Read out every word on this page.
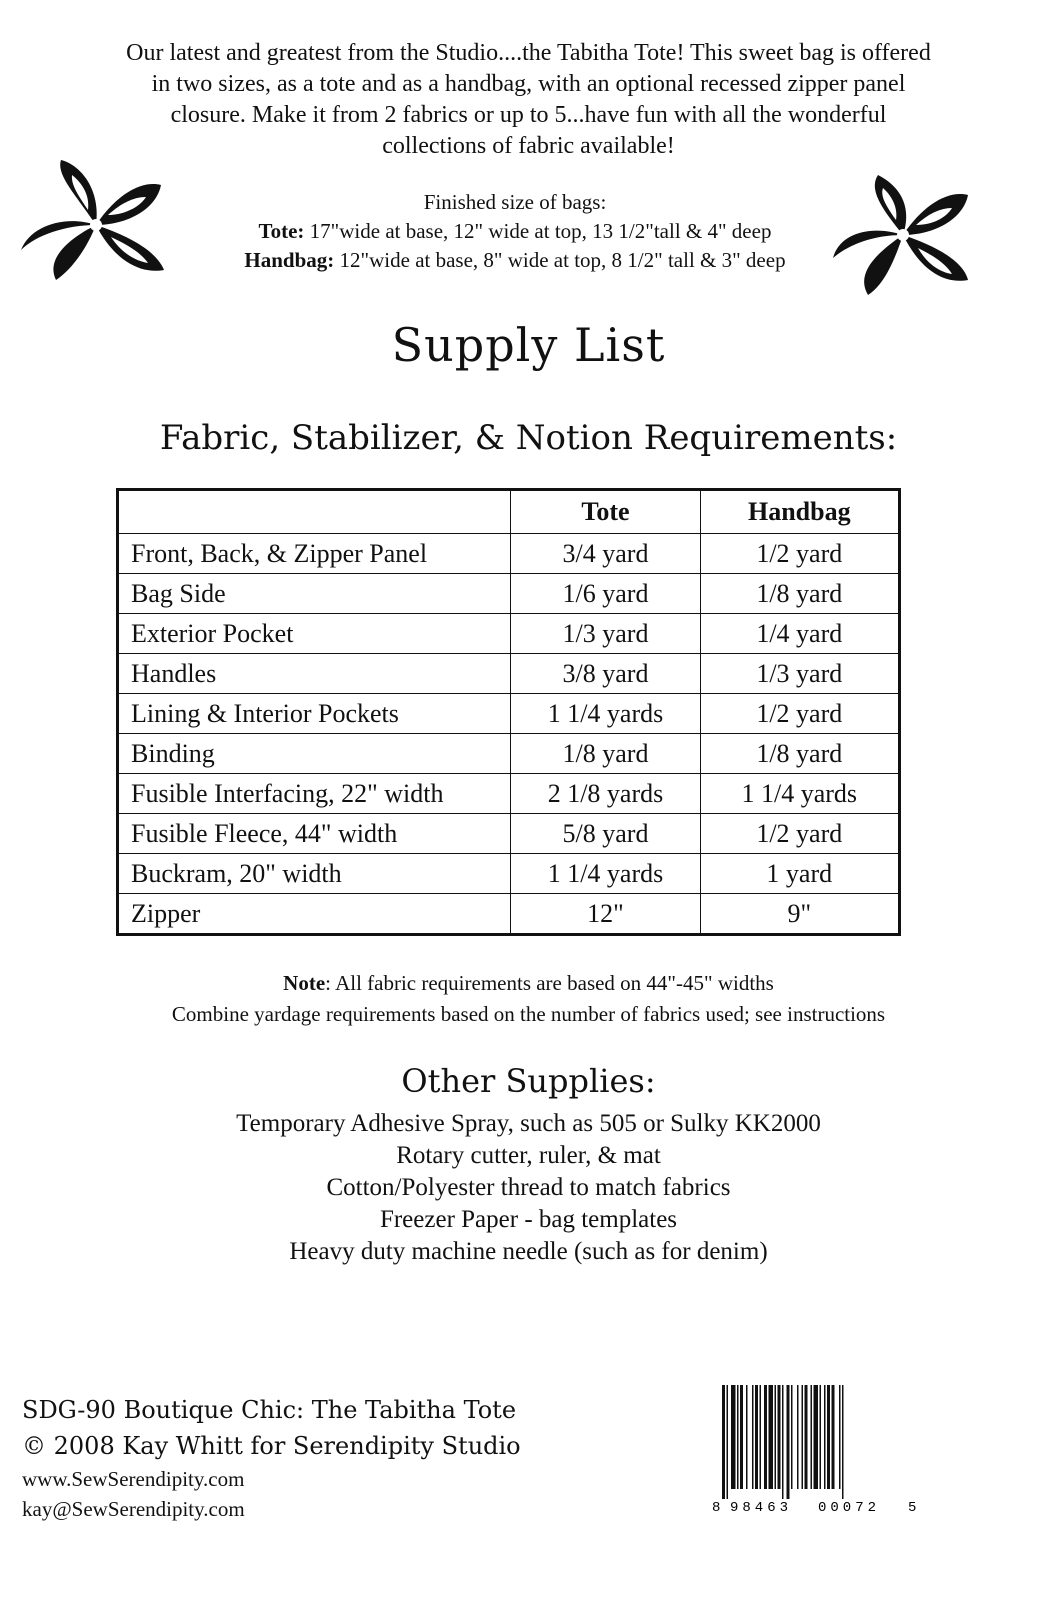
Our latest and greatest from the Studio....the Tabitha Tote! This sweet bag is offered
in two sizes, as a tote and as a handbag, with an optional recessed zipper panel
closure. Make it from 2 fabrics or up to 5...have fun with all the wonderful
collections of fabric available!
Finished size of bags:
Tote: 17"wide at base, 12" wide at top, 13 1/2"tall & 4" deep
Handbag: 12"wide at base, 8" wide at top, 8 1/2" tall & 3" deep
Supply List
Fabric, Stabilizer, & Notion Requirements:
	Tote	Handbag
Front, Back, & Zipper Panel	3/4 yard	1/2 yard
Bag Side	1/6 yard	1/8 yard
Exterior Pocket	1/3 yard	1/4 yard
Handles	3/8 yard	1/3 yard
Lining & Interior Pockets	1 1/4 yards	1/2 yard
Binding	1/8 yard	1/8 yard
Fusible Interfacing, 22" width	2 1/8 yards	1 1/4 yards
Fusible Fleece, 44" width	5/8 yard	1/2 yard
Buckram, 20" width	1 1/4 yards	1 yard
Zipper	12"	9"
Note: All fabric requirements are based on 44"-45" widths
Combine yardage requirements based on the number of fabrics used; see instructions
Other Supplies:
Temporary Adhesive Spray, such as 505 or Sulky KK2000
Rotary cutter, ruler, & mat
Cotton/Polyester thread to match fabrics
Freezer Paper - bag templates
Heavy duty machine needle (such as for denim)
SDG-90 Boutique Chic: The Tabitha Tote
© 2008 Kay Whitt for Serendipity Studio
www.SewSerendipity.com
kay@SewSerendipity.com	8 98463 00072 5
